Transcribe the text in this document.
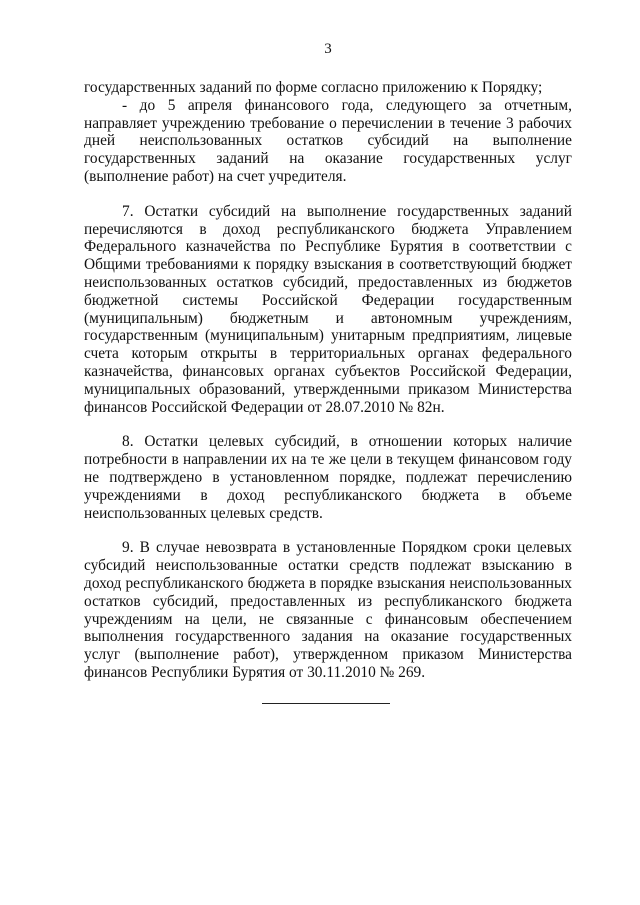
3

государственных заданий по форме согласно приложению к Порядку;

- до 5 апреля финансового года, следующего за отчетным, направляет учреждению требование о перечислении в течение 3 рабочих дней неиспользованных остатков субсидий на выполнение государственных заданий на оказание государственных услуг (выполнение работ) на счет учредителя.

7. Остатки субсидий на выполнение государственных заданий перечисляются в доход республиканского бюджета Управлением Федерального казначейства по Республике Бурятия в соответствии с Общими требованиями к порядку взыскания в соответствующий бюджет неиспользованных остатков субсидий, предоставленных из бюджетов бюджетной системы Российской Федерации государственным (муниципальным) бюджетным и автономным учреждениям, государственным (муниципальным) унитарным предприятиям, лицевые счета которым открыты в территориальных органах федерального казначейства, финансовых органах субъектов Российской Федерации, муниципальных образований, утвержденными приказом Министерства финансов Российской Федерации от 28.07.2010 № 82н.

8. Остатки целевых субсидий, в отношении которых наличие потребности в направлении их на те же цели в текущем финансовом году не подтверждено в установленном порядке, подлежат перечислению учреждениями в доход республиканского бюджета в объеме неиспользованных целевых средств.

9. В случае невозврата в установленные Порядком сроки целевых субсидий неиспользованные остатки средств подлежат взысканию в доход республиканского бюджета в порядке взыскания неиспользованных остатков субсидий, предоставленных из республиканского бюджета учреждениям на цели, не связанные с финансовым обеспечением выполнения государственного задания на оказание государственных услуг (выполнение работ), утвержденном приказом Министерства финансов Республики Бурятия от 30.11.2010 № 269.
